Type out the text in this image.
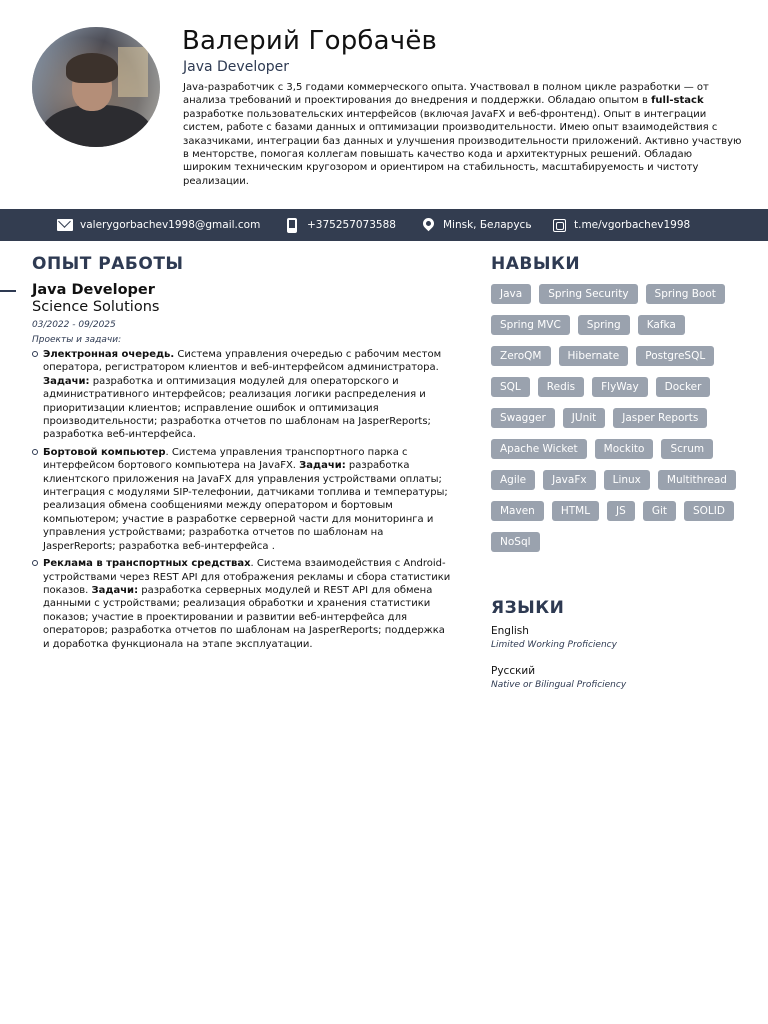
Валерий Горбачёв
Java Developer
Java-разработчик с 3,5 годами коммерческого опыта. Участвовал в полном цикле разработки — от анализа требований и проектирования до внедрения и поддержки. Обладаю опытом в full-stack разработке пользовательских интерфейсов (включая JavaFX и веб-фронтенд). Опыт в интеграции систем, работе с базами данных и оптимизации производительности. Имею опыт взаимодействия с заказчиками, интеграции баз данных и улучшения производительности приложений. Активно участвую в менторстве, помогая коллегам повышать качество кода и архитектурных решений. Обладаю широким техническим кругозором и ориентиром на стабильность, масштабируемость и чистоту реализации.
valerygorbachev1998@gmail.com	+375257073588	Minsk, Беларусь	t.me/vgorbachev1998
ОПЫТ РАБОТЫ
Java Developer
Science Solutions
03/2022 - 09/2025
Проекты и задачи:
Электронная очередь. Система управления очередью с рабочим местом оператора, регистратором клиентов и веб-интерфейсом администратора. Задачи: разработка и оптимизация модулей для операторского и административного интерфейсов; реализация логики распределения и приоритизации клиентов; исправление ошибок и оптимизация производительности; разработка отчетов по шаблонам на JasperReports; разработка веб-интерфейса.
Бортовой компьютер. Система управления транспортного парка с интерфейсом бортового компьютера на JavaFX. Задачи: разработка клиентского приложения на JavaFX для управления устройствами оплаты; интеграция с модулями SIP-телефонии, датчиками топлива и температуры; реализация обмена сообщениями между оператором и бортовым компьютером; участие в разработке серверной части для мониторинга и управления устройствами; разработка отчетов по шаблонам на JasperReports; разработка веб-интерфейса .
Реклама в транспортных средствах. Система взаимодействия с Android-устройствами через REST API для отображения рекламы и сбора статистики показов. Задачи: разработка серверных модулей и REST API для обмена данными с устройствами; реализация обработки и хранения статистики показов; участие в проектировании и развитии веб-интерфейса для операторов; разработка отчетов по шаблонам на JasperReports; поддержка и доработка функционала на этапе эксплуатации.
НАВЫКИ
Java	Spring Security	Spring Boot
Spring MVC	Spring	Kafka
ZeroQM	Hibernate	PostgreSQL
SQL	Redis	FlyWay	Docker
Swagger	JUnit	Jasper Reports
Apache Wicket	Mockito	Scrum
Agile	JavaFx	Linux	Multithread
Maven	HTML	JS	Git	SOLID
NoSql
ЯЗЫКИ
English
Limited Working Proficiency
Русский
Native or Bilingual Proficiency
